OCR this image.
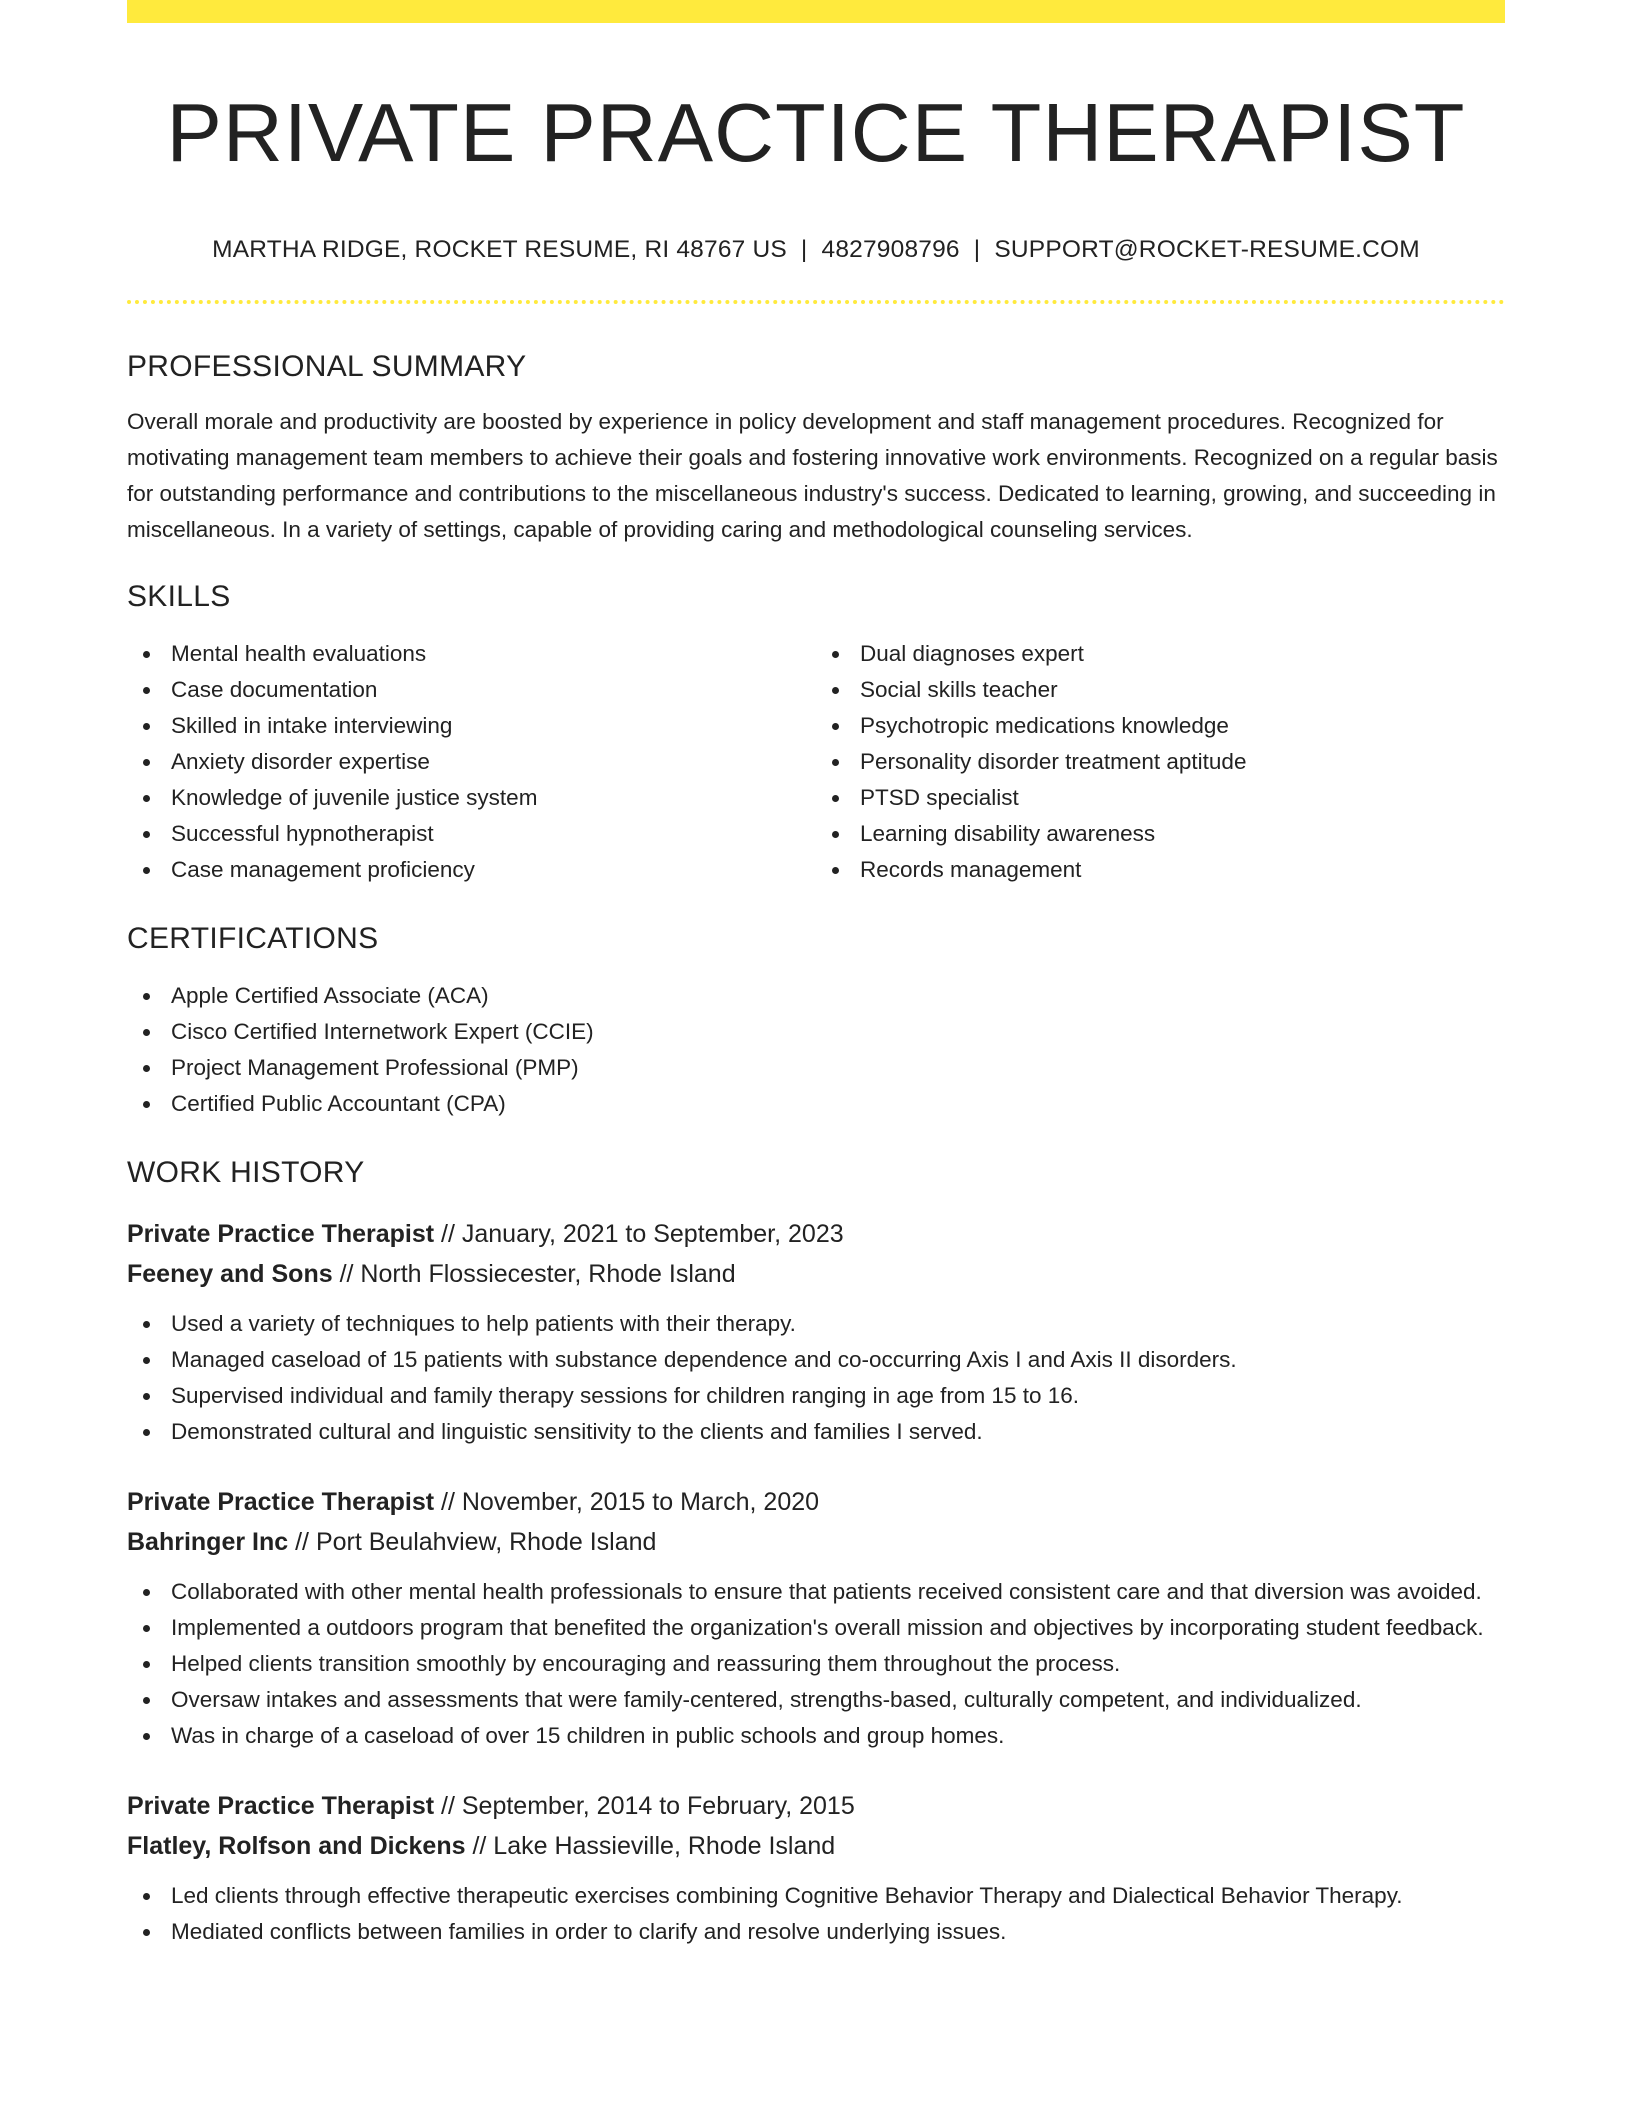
PRIVATE PRACTICE THERAPIST
MARTHA RIDGE, ROCKET RESUME, RI 48767 US | 4827908796 | SUPPORT@ROCKET-RESUME.COM
PROFESSIONAL SUMMARY

Overall morale and productivity are boosted by experience in policy development and staff management procedures. Recognized for motivating management team members to achieve their goals and fostering innovative work environments. Recognized on a regular basis for outstanding performance and contributions to the miscellaneous industry's success. Dedicated to learning, growing, and succeeding in miscellaneous. In a variety of settings, capable of providing caring and methodological counseling services.

SKILLS
Mental health evaluations
Case documentation
Skilled in intake interviewing
Anxiety disorder expertise
Knowledge of juvenile justice system
Successful hypnotherapist
Case management proficiency
Dual diagnoses expert
Social skills teacher
Psychotropic medications knowledge
Personality disorder treatment aptitude
PTSD specialist
Learning disability awareness
Records management
CERTIFICATIONS
Apple Certified Associate (ACA)
Cisco Certified Internetwork Expert (CCIE)
Project Management Professional (PMP)
Certified Public Accountant (CPA)
WORK HISTORY
Private Practice Therapist // January, 2021 to September, 2023
Feeney and Sons // North Flossiecester, Rhode Island
Used a variety of techniques to help patients with their therapy.
Managed caseload of 15 patients with substance dependence and co-occurring Axis I and Axis II disorders.
Supervised individual and family therapy sessions for children ranging in age from 15 to 16.
Demonstrated cultural and linguistic sensitivity to the clients and families I served.
Private Practice Therapist // November, 2015 to March, 2020
Bahringer Inc // Port Beulahview, Rhode Island
Collaborated with other mental health professionals to ensure that patients received consistent care and that diversion was avoided.
Implemented a outdoors program that benefited the organization's overall mission and objectives by incorporating student feedback.
Helped clients transition smoothly by encouraging and reassuring them throughout the process.
Oversaw intakes and assessments that were family-centered, strengths-based, culturally competent, and individualized.
Was in charge of a caseload of over 15 children in public schools and group homes.
Private Practice Therapist // September, 2014 to February, 2015
Flatley, Rolfson and Dickens // Lake Hassieville, Rhode Island
Led clients through effective therapeutic exercises combining Cognitive Behavior Therapy and Dialectical Behavior Therapy.
Mediated conflicts between families in order to clarify and resolve underlying issues.
